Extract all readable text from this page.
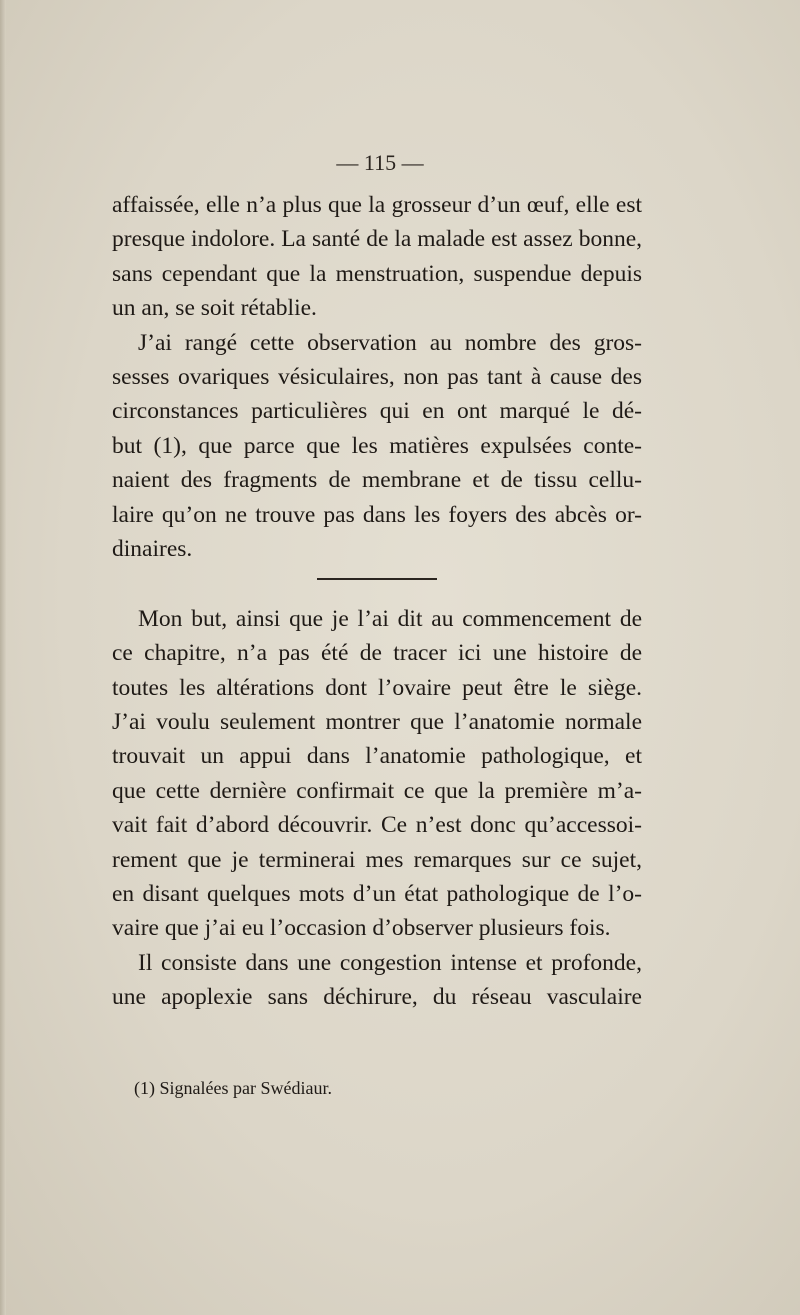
— 115 —
affaissée, elle n’a plus que la grosseur d’un œuf, elle est
presque indolore. La santé de la malade est assez bonne,
sans cependant que la menstruation, suspendue depuis
un an, se soit rétablie.
J’ai rangé cette observation au nombre des gros-
sesses ovariques vésiculaires, non pas tant à cause des
circonstances particulières qui en ont marqué le dé-
but (1), que parce que les matières expulsées conte-
naient des fragments de membrane et de tissu cellu-
laire qu’on ne trouve pas dans les foyers des abcès or-
dinaires.
Mon but, ainsi que je l’ai dit au commencement de
ce chapitre, n’a pas été de tracer ici une histoire de
toutes les altérations dont l’ovaire peut être le siège.
J’ai voulu seulement montrer que l’anatomie normale
trouvait un appui dans l’anatomie pathologique, et
que cette dernière confirmait ce que la première m’a-
vait fait d’abord découvrir. Ce n’est donc qu’accessoi-
rement que je terminerai mes remarques sur ce sujet,
en disant quelques mots d’un état pathologique de l’o-
vaire que j’ai eu l’occasion d’observer plusieurs fois.
Il consiste dans une congestion intense et profonde,
une apoplexie sans déchirure, du réseau vasculaire
(1) Signalées par Swédiaur.
